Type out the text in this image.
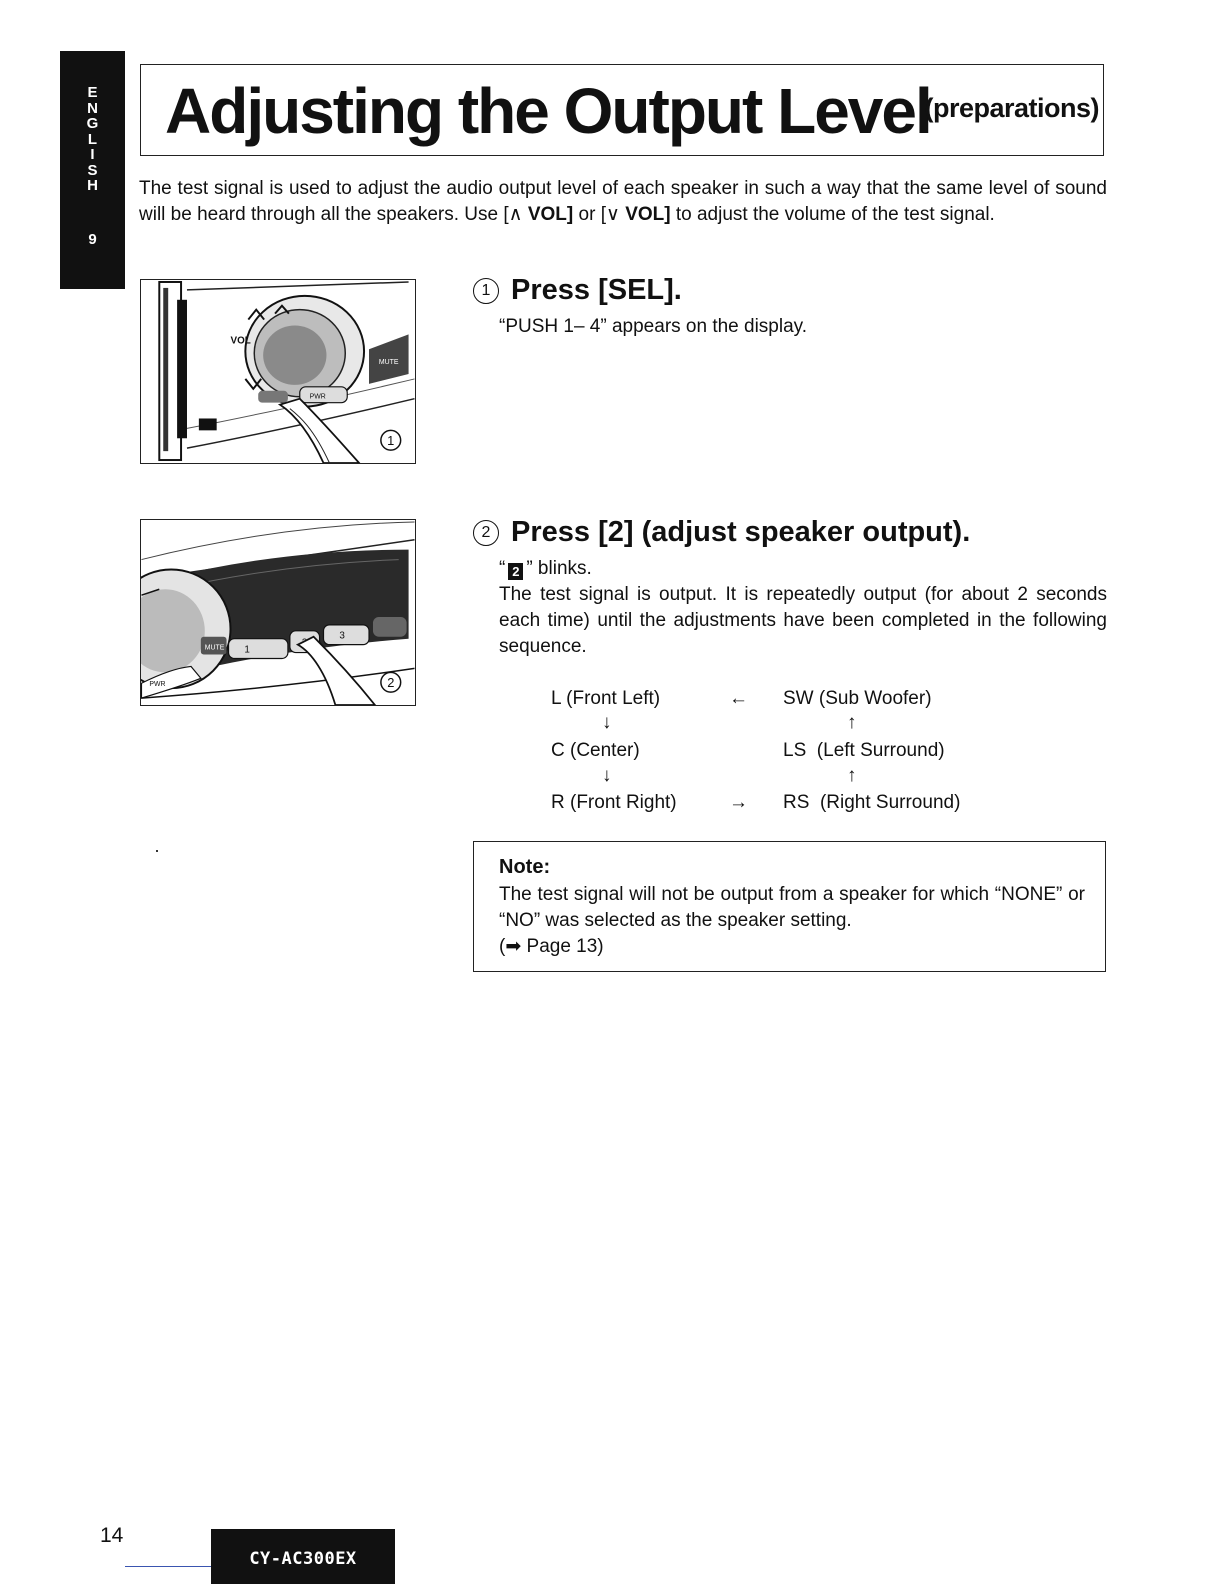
E
N
G
L
I
S
H
9
Adjusting the Output Level
(preparations)

The test signal is used to adjust the audio output level of each speaker in such a way that the same level of sound will be heard through all the speakers. Use [∧ VOL] or [∨ VOL] to adjust the volume of the test signal.

VOL
MUTE
PWR
1
1 Press [SEL].

“PUSH 1– 4” appears on the display.

MUTE 1
3
PWR	2
2 Press [2] (adjust speaker output).

“ 2 ” blinks.

The test signal is output. It is repeatedly output (for about 2 seconds each time) until the adjustments have been completed in the following sequence.

L (Front Left)	← SW (Sub Woofer)
↓	↑
C (Center)	LS  (Left Surround)
↓	↑
R (Front Right)	→ RS  (Right Surround)
Note:

The test signal will not be output from a speaker for which “NONE” or “NO” was selected as the speaker setting.
(➡ Page 13)

14
CY-AC300EX
